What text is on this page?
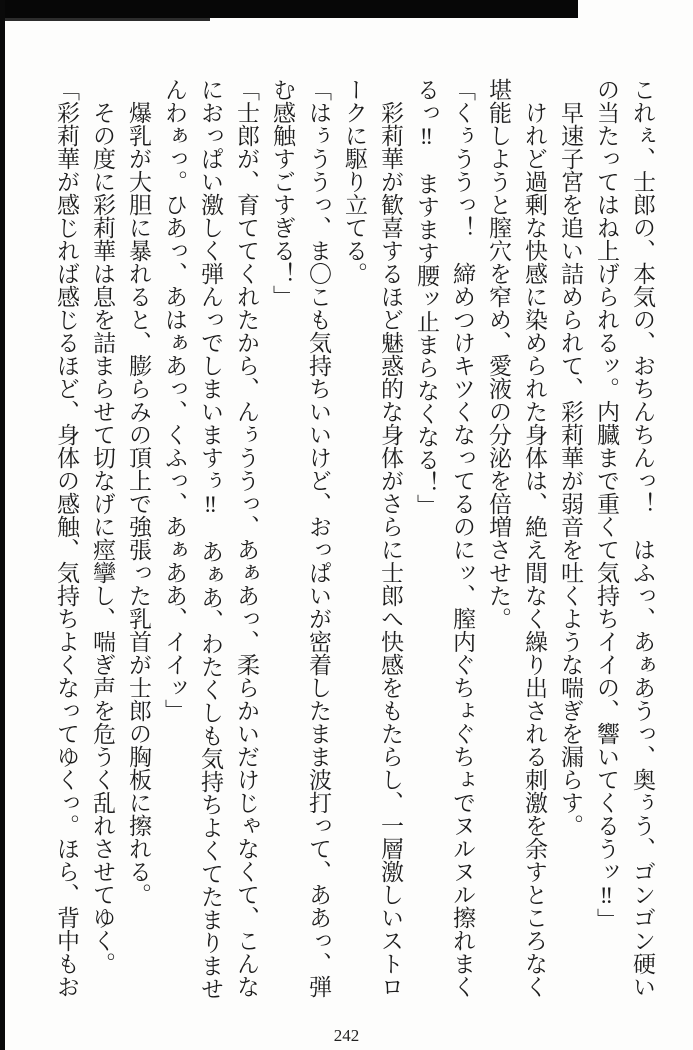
これぇ、士郎の、本気の、おちんちんっ！　はふっ、あぁあうっ、奥ぅう、ゴンゴン硬い

の当たってはね上げられるッ。内臓まで重くて気持ちイイの、響いてくるうッ‼」

　早速子宮を追い詰められて、彩莉華が弱音を吐くような喘ぎを漏らす。

　けれど過剰な快感に染められた身体は、絶え間なく繰り出される刺激を余すところなく

堪能しようと膣穴を窄め、愛液の分泌を倍増させた。

「くぅううっ！　締めつけキツくなってるのにッ、膣内ぐちょぐちょでヌルヌル擦れまく

るっ‼　ますます腰ッ止まらなくなる！」

　彩莉華が歓喜するほど魅惑的な身体がさらに士郎へ快感をもたらし、一層激しいストロ

ークに駆り立てる。

「はぅううっ、ま〇こも気持ちいいけど、おっぱいが密着したまま波打って、ああっ、弾

む感触すごすぎる！」

「士郎が、育ててくれたから、んぅううっ、あぁあっ、柔らかいだけじゃなくて、こんな

におっぱい激しく弾んっでしまいますぅ‼　あぁあ、わたくしも気持ちよくてたまりませ

んわぁっ。ひあっ、あはぁあっ、くふっ、あぁああ、イイッ」

　爆乳が大胆に暴れると、膨らみの頂上で強張った乳首が士郎の胸板に擦れる。

　その度に彩莉華は息を詰まらせて切なげに痙攣し、喘ぎ声を危うく乱れさせてゆく。

「彩莉華が感じれば感じるほど、身体の感触、気持ちよくなってゆくっ。ほら、背中もお

242
